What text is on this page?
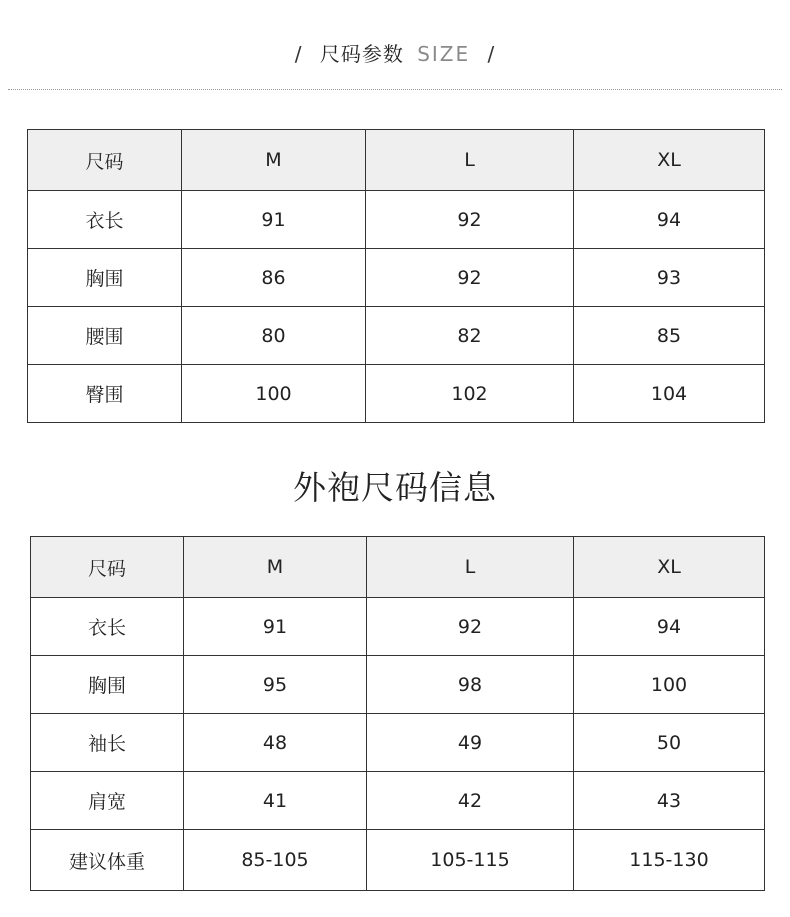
/ 尺码参数 SIZE /
尺码	M	L	XL
衣长	91	92	94
胸围	86	92	93
腰围	80	82	85
臀围	100	102	104
外袍尺码信息
尺码	M	L	XL
衣长	91	92	94
胸围	95	98	100
袖长	48	49	50
肩宽	41	42	43
建议体重	85-105	105-115	115-130
